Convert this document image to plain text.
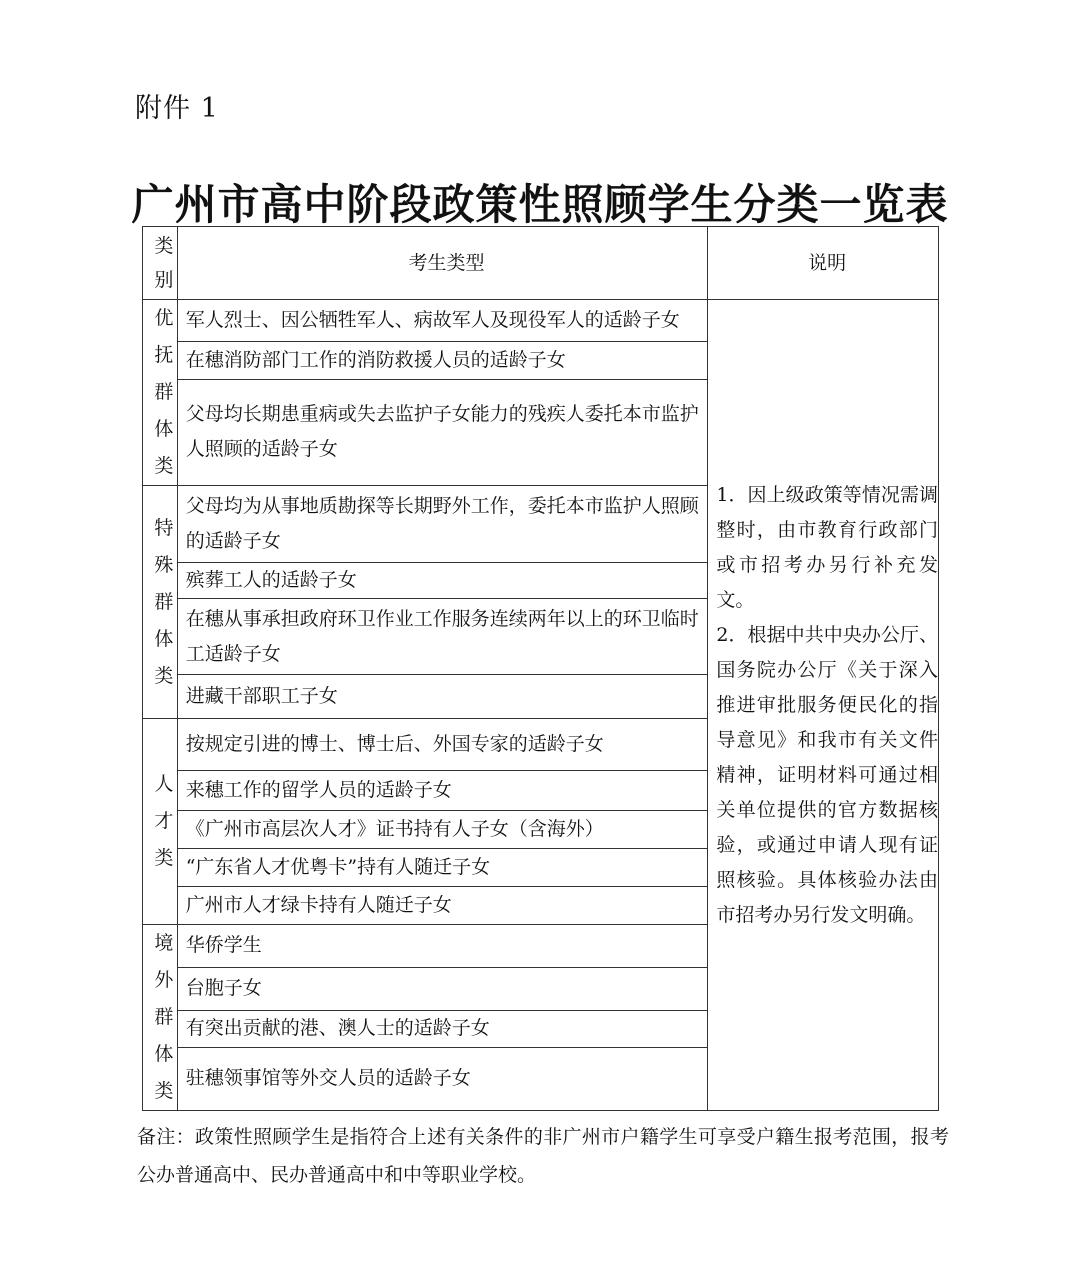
附件 1
广州市高中阶段政策性照顾学生分类一览表
类别	考生类型	说明

优抚群体类	军人烈士、因公牺牲军人、病故军人及现役军人的适龄子女	1．因上级政策等情况需调整时，由市教育行政部门或市招考办另行补充发文。
2．根据中共中央办公厅、国务院办公厅《关于深入推进审批服务便民化的指导意见》和我市有关文件精神，证明材料可通过相关单位提供的官方数据核验，或通过申请人现有证照核验。具体核验办法由市招考办另行发文明确。

	在穗消防部门工作的消防救援人员的适龄子女	
	父母均长期患重病或失去监护子女能力的残疾人委托本市监护人照顾的适龄子女	

特殊群体类	父母均为从事地质勘探等长期野外工作，委托本市监护人照顾的适龄子女	
	殡葬工人的适龄子女	
	在穗从事承担政府环卫作业工作服务连续两年以上的环卫临时工适龄子女	
	进藏干部职工子女	

人才类	按规定引进的博士、博士后、外国专家的适龄子女	
	来穗工作的留学人员的适龄子女	
	《广州市高层次人才》证书持有人子女（含海外）	
	“广东省人才优粤卡”持有人随迁子女	
	广州市人才绿卡持有人随迁子女	

境外群体类	华侨学生	
	台胞子女	
	有突出贡献的港、澳人士的适龄子女	
	驻穗领事馆等外交人员的适龄子女	
备注：政策性照顾学生是指符合上述有关条件的非广州市户籍学生可享受户籍生报考范围，报考公办普通高中、民办普通高中和中等职业学校。
